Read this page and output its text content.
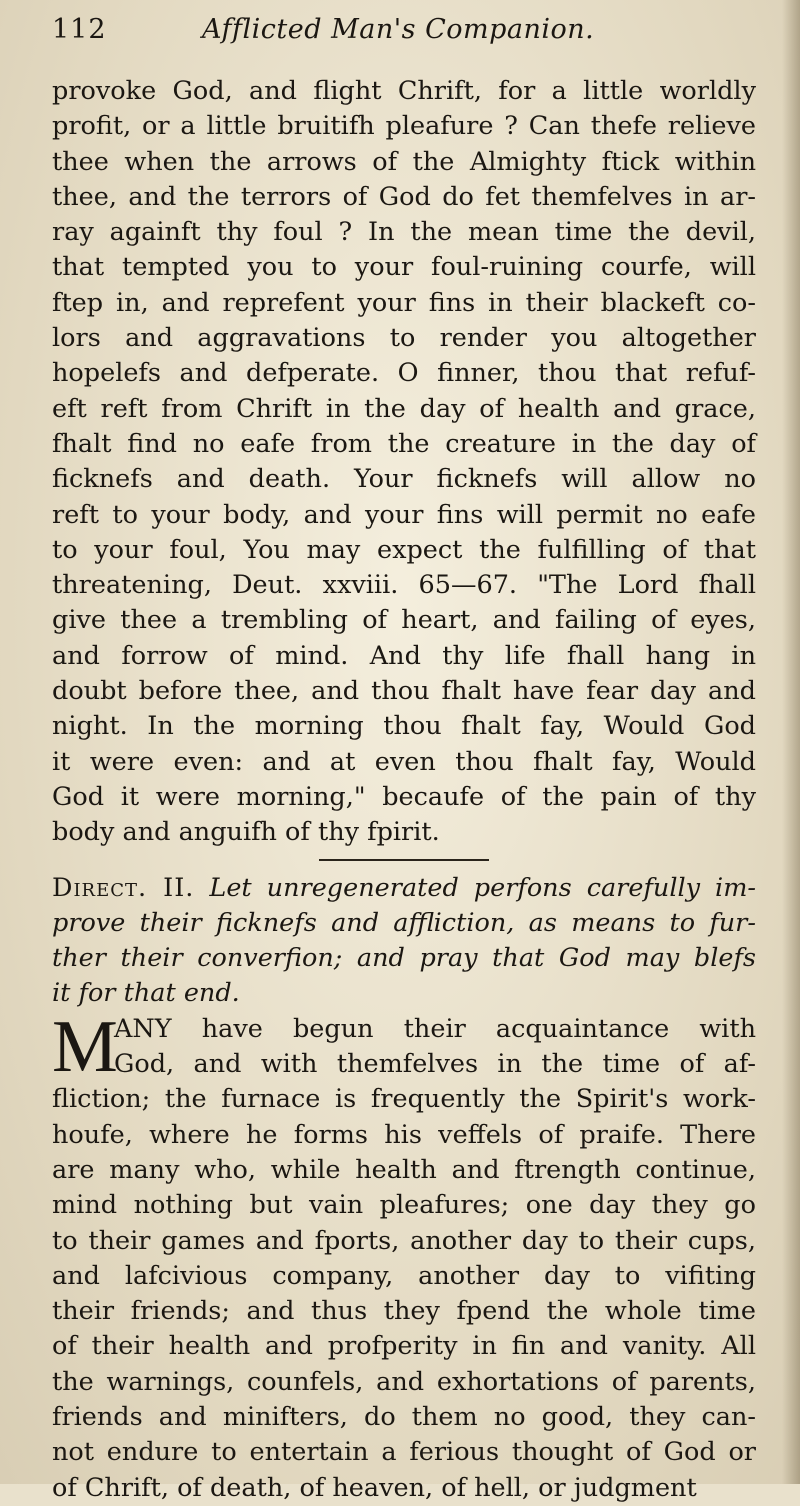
112	Afflicted Man's Companion.
provoke God, and flight Chrift, for a little worldly
profit, or a little bruitifh pleafure ? Can thefe relieve
thee when the arrows of the Almighty ftick within
thee, and the terrors of God do fet themfelves in ar-
ray againft thy foul ? In the mean time the devil,
that tempted you to your foul-ruining courfe, will
ftep in, and reprefent your fins in their blackeft co-
lors and aggravations to render you altogether
hopelefs and defperate. O finner, thou that refuf-
eft reft from Chrift in the day of health and grace,
fhalt find no eafe from the creature in the day of
ficknefs and death. Your ficknefs will allow no
reft to your body, and your fins will permit no eafe
to your foul, You may expect the fulfilling of that
threatening, Deut. xxviii. 65—67. "The Lord fhall
give thee a trembling of heart, and failing of eyes,
and forrow of mind. And thy life fhall hang in
doubt before thee, and thou fhalt have fear day and
night. In the morning thou fhalt fay, Would God
it were even: and at even thou fhalt fay, Would
God it were morning," becaufe of the pain of thy
body and anguifh of thy fpirit.
Direct. II. Let unregenerated perfons carefully im-
prove their ficknefs and affliction, as means to fur-
ther their converfion; and pray that God may blefs
it for that end.
M
ANY have begun their acquaintance with
God, and with themfelves in the time of af-
fliction; the furnace is frequently the Spirit's work-
houfe, where he forms his veffels of praife. There
are many who, while health and ftrength continue,
mind nothing but vain pleafures; one day they go
to their games and fports, another day to their cups,
and lafcivious company, another day to vifiting
their friends; and thus they fpend the whole time
of their health and profperity in fin and vanity. All
the warnings, counfels, and exhortations of parents,
friends and minifters, do them no good, they can-
not endure to entertain a ferious thought of God or
of Chrift, of death, of heaven, of hell, or judgment
